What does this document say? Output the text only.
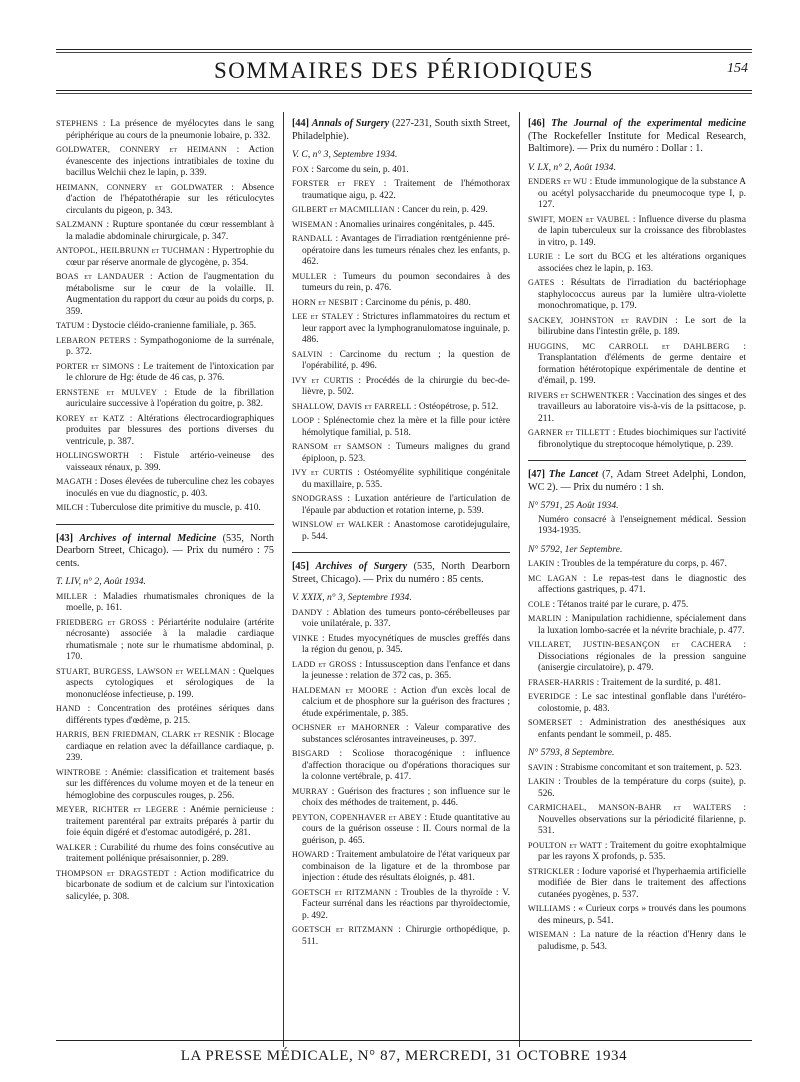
SOMMAIRES DES PÉRIODIQUES	154
STEPHENS : La présence de myélocytes dans le sang périphérique au cours de la pneumonie lobaire, p. 332.
GOLDWATER, CONNERY et HEIMANN : Action évanescente des injections intratibiales de toxine du bacillus Welchii chez le lapin, p. 339.
HEIMANN, CONNERY et GOLDWATER : Absence d'action de l'hépatothérapie sur les réticulocytes circulants du pigeon, p. 343.
SALZMANN : Rupture spontanée du cœur ressemblant à la maladie abdominale chirurgicale, p. 347.
ANTOPOL, HEILBRUNN et TUCHMAN : Hypertrophie du cœur par réserve anormale de glycogène, p. 354.
BOAS et LANDAUER : Action de l'augmentation du métabolisme sur le cœur de la volaille. II. Augmentation du rapport du cœur au poids du corps, p. 359.
TATUM : Dystocie cléido-cranienne familiale, p. 365.
LEBARON PETERS : Sympathogoniome de la surrénale, p. 372.
PORTER et SIMONS : Le traitement de l'intoxication par le chlorure de Hg: étude de 46 cas, p. 376.
ERNSTENE et MULVEY : Etude de la fibrillation auriculaire successive à l'opération du goitre, p. 382.
KOREY et KATZ : Altérations électrocardiographiques produites par blessures des portions diverses du ventricule, p. 387.
HOLLINGSWORTH : Fistule artério-veineuse des vaisseaux rénaux, p. 399.
MAGATH : Doses élevées de tuberculine chez les cobayes inoculés en vue du diagnostic, p. 403.
MILCH : Tuberculose dite primitive du muscle, p. 410.
[43] Archives of internal Medicine (535, North Dearborn Street, Chicago). — Prix du numéro : 75 cents.
T. LIV, n° 2, Août 1934.
MILLER : Maladies rhumatismales chroniques de la moelle, p. 161.
FRIEDBERG et GROSS : Périartérite nodulaire (artérite nécrosante) associée à la maladie cardiaque rhumatismale ; note sur le rhumatisme abdominal, p. 170.
STUART, BURGESS, LAWSON et WELLMAN : Quelques aspects cytologiques et sérologiques de la mononucléose infectieuse, p. 199.
HAND : Concentration des protéines sériques dans différents types d'œdème, p. 215.
HARRIS, BEN FRIEDMAN, CLARK et RESNIK : Blocage cardiaque en relation avec la défaillance cardiaque, p. 239.
WINTROBE : Anémie: classification et traitement basés sur les différences du volume moyen et de la teneur en hémoglobine des corpuscules rouges, p. 256.
MEYER, RICHTER et LEGERE : Anémie pernicieuse : traitement parentéral par extraits préparés à partir du foie équin digéré et d'estomac autodigéré, p. 281.
WALKER : Curabilité du rhume des foins consécutive au traitement pollénique présaisonnier, p. 289.
THOMPSON et DRAGSTEDT : Action modificatrice du bicarbonate de sodium et de calcium sur l'intoxication salicylée, p. 308.
[44] Annals of Surgery (227-231, South sixth Street, Philadelphie).
V. C, n° 3, Septembre 1934.
FOX : Sarcome du sein, p. 401.
FORSTER et FREY : Traitement de l'hémothorax traumatique aigu, p. 422.
GILBERT et MACMILLIAN : Cancer du rein, p. 429.
WISEMAN : Anomalies urinaires congénitales, p. 445.
RANDALL : Avantages de l'irradiation rœntgénienne pré-opératoire dans les tumeurs rénales chez les enfants, p. 462.
MULLER : Tumeurs du poumon secondaires à des tumeurs du rein, p. 476.
HORN et NESBIT : Carcinome du pénis, p. 480.
LEE et STALEY : Strictures inflammatoires du rectum et leur rapport avec la lymphogranulomatose inguinale, p. 486.
SALVIN : Carcinome du rectum ; la question de l'opérabilité, p. 496.
IVY et CURTIS : Procédés de la chirurgie du bec-de-lièvre, p. 502.
SHALLOW, DAVIS et FARRELL : Ostéopétrose, p. 512.
LOOP : Splénectomie chez la mère et la fille pour ictère hémolytique familial, p. 518.
RANSOM et SAMSON : Tumeurs malignes du grand épiploon, p. 523.
IVY et CURTIS : Ostéomyélite syphilitique congénitale du maxillaire, p. 535.
SNODGRASS : Luxation antérieure de l'articulation de l'épaule par abduction et rotation interne, p. 539.
WINSLOW et WALKER : Anastomose carotidejugulaire, p. 544.
[45] Archives of Surgery (535, North Dearborn Street, Chicago). — Prix du numéro : 85 cents.
V. XXIX, n° 3, Septembre 1934.
DANDY : Ablation des tumeurs ponto-cérébelleuses par voie unilatérale, p. 337.
VINKE : Etudes myocynétiques de muscles greffés dans la région du genou, p. 345.
LADD et GROSS : Intussusception dans l'enfance et dans la jeunesse : relation de 372 cas, p. 365.
HALDEMAN et MOORE : Action d'un excès local de calcium et de phosphore sur la guérison des fractures ; étude expérimentale, p. 385.
OCHSNER et MAHORNER : Valeur comparative des substances sclérosantes intraveineuses, p. 397.
BISGARD : Scoliose thoracogénique : influence d'affection thoracique ou d'opérations thoraciques sur la colonne vertébrale, p. 417.
MURRAY : Guérison des fractures ; son influence sur le choix des méthodes de traitement, p. 446.
PEYTON, COPENHAVER et ABEY : Etude quantitative au cours de la guérison osseuse : II. Cours normal de la guérison, p. 465.
HOWARD : Traitement ambulatoire de l'état variqueux par combinaison de la ligature et de la thrombose par injection : étude des résultats éloignés, p. 481.
GOETSCH et RITZMANN : Troubles de la thyroïde : V. Facteur surrénal dans les réactions par thyroïdectomie, p. 492.
GOETSCH et RITZMANN : Chirurgie orthopédique, p. 511.
[46] The Journal of the experimental medicine (The Rockefeller Institute for Medical Research, Baltimore). — Prix du numéro : Dollar : 1.
V. LX, n° 2, Août 1934.
ENDERS et WU : Etude immunologique de la substance A ou acétyl polysaccharide du pneumocoque type I, p. 127.
SWIFT, MOEN et VAUBEL : Influence diverse du plasma de lapin tuberculeux sur la croissance des fibroblastes in vitro, p. 149.
LURIE : Le sort du BCG et les altérations organiques associées chez le lapin, p. 163.
GATES : Résultats de l'irradiation du bactériophage staphylococcus aureus par la lumière ultra-violette monochromatique, p. 179.
SACKEY, JOHNSTON et RAVDIN : Le sort de la bilirubine dans l'intestin grêle, p. 189.
HUGGINS, MC CARROLL et DAHLBERG : Transplantation d'éléments de germe dentaire et formation hétérotopique expérimentale de dentine et d'émail, p. 199.
RIVERS et SCHWENTKER : Vaccination des singes et des travailleurs au laboratoire vis-à-vis de la psittacose, p. 211.
GARNER et TILLETT : Etudes biochimiques sur l'activité fibronolytique du streptocoque hémolytique, p. 239.
[47] The Lancet (7, Adam Street Adelphi, London, WC 2). — Prix du numéro : 1 sh.
N° 5791, 25 Août 1934.
Numéro consacré à l'enseignement médical. Session 1934-1935.
N° 5792, 1er Septembre.
LAKIN : Troubles de la température du corps, p. 467.
MC LAGAN : Le repas-test dans le diagnostic des affections gastriques, p. 471.
COLE : Tétanos traité par le curare, p. 475.
MARLIN : Manipulation rachidienne, spécialement dans la luxation lombo-sacrée et la névrite brachiale, p. 477.
VILLARET, JUSTIN-BESANÇON et CACHERA : Dissociations régionales de la pression sanguine (anisergie circulatoire), p. 479.
FRASER-HARRIS : Traitement de la surdité, p. 481.
EVERIDGE : Le sac intestinal gonflable dans l'urétéro-colostomie, p. 483.
SOMERSET : Administration des anesthésiques aux enfants pendant le sommeil, p. 485.
N° 5793, 8 Septembre.
SAVIN : Strabisme concomitant et son traitement, p. 523.
LAKIN : Troubles de la température du corps (suite), p. 526.
CARMICHAEL, MANSON-BAHR et WALTERS : Nouvelles observations sur la périodicité filarienne, p. 531.
POULTON et WATT : Traitement du goitre exophtalmique par les rayons X profonds, p. 535.
STRICKLER : Iodure vaporisé et l'hyperhaemia artificielle modifiée de Bier dans le traitement des affections cutanées pyogènes, p. 537.
WILLIAMS : « Curieux corps » trouvés dans les poumons des mineurs, p. 541.
WISEMAN : La nature de la réaction d'Henry dans le paludisme, p. 543.
LA PRESSE MÉDICALE, N° 87, MERCREDI, 31 OCTOBRE 1934
